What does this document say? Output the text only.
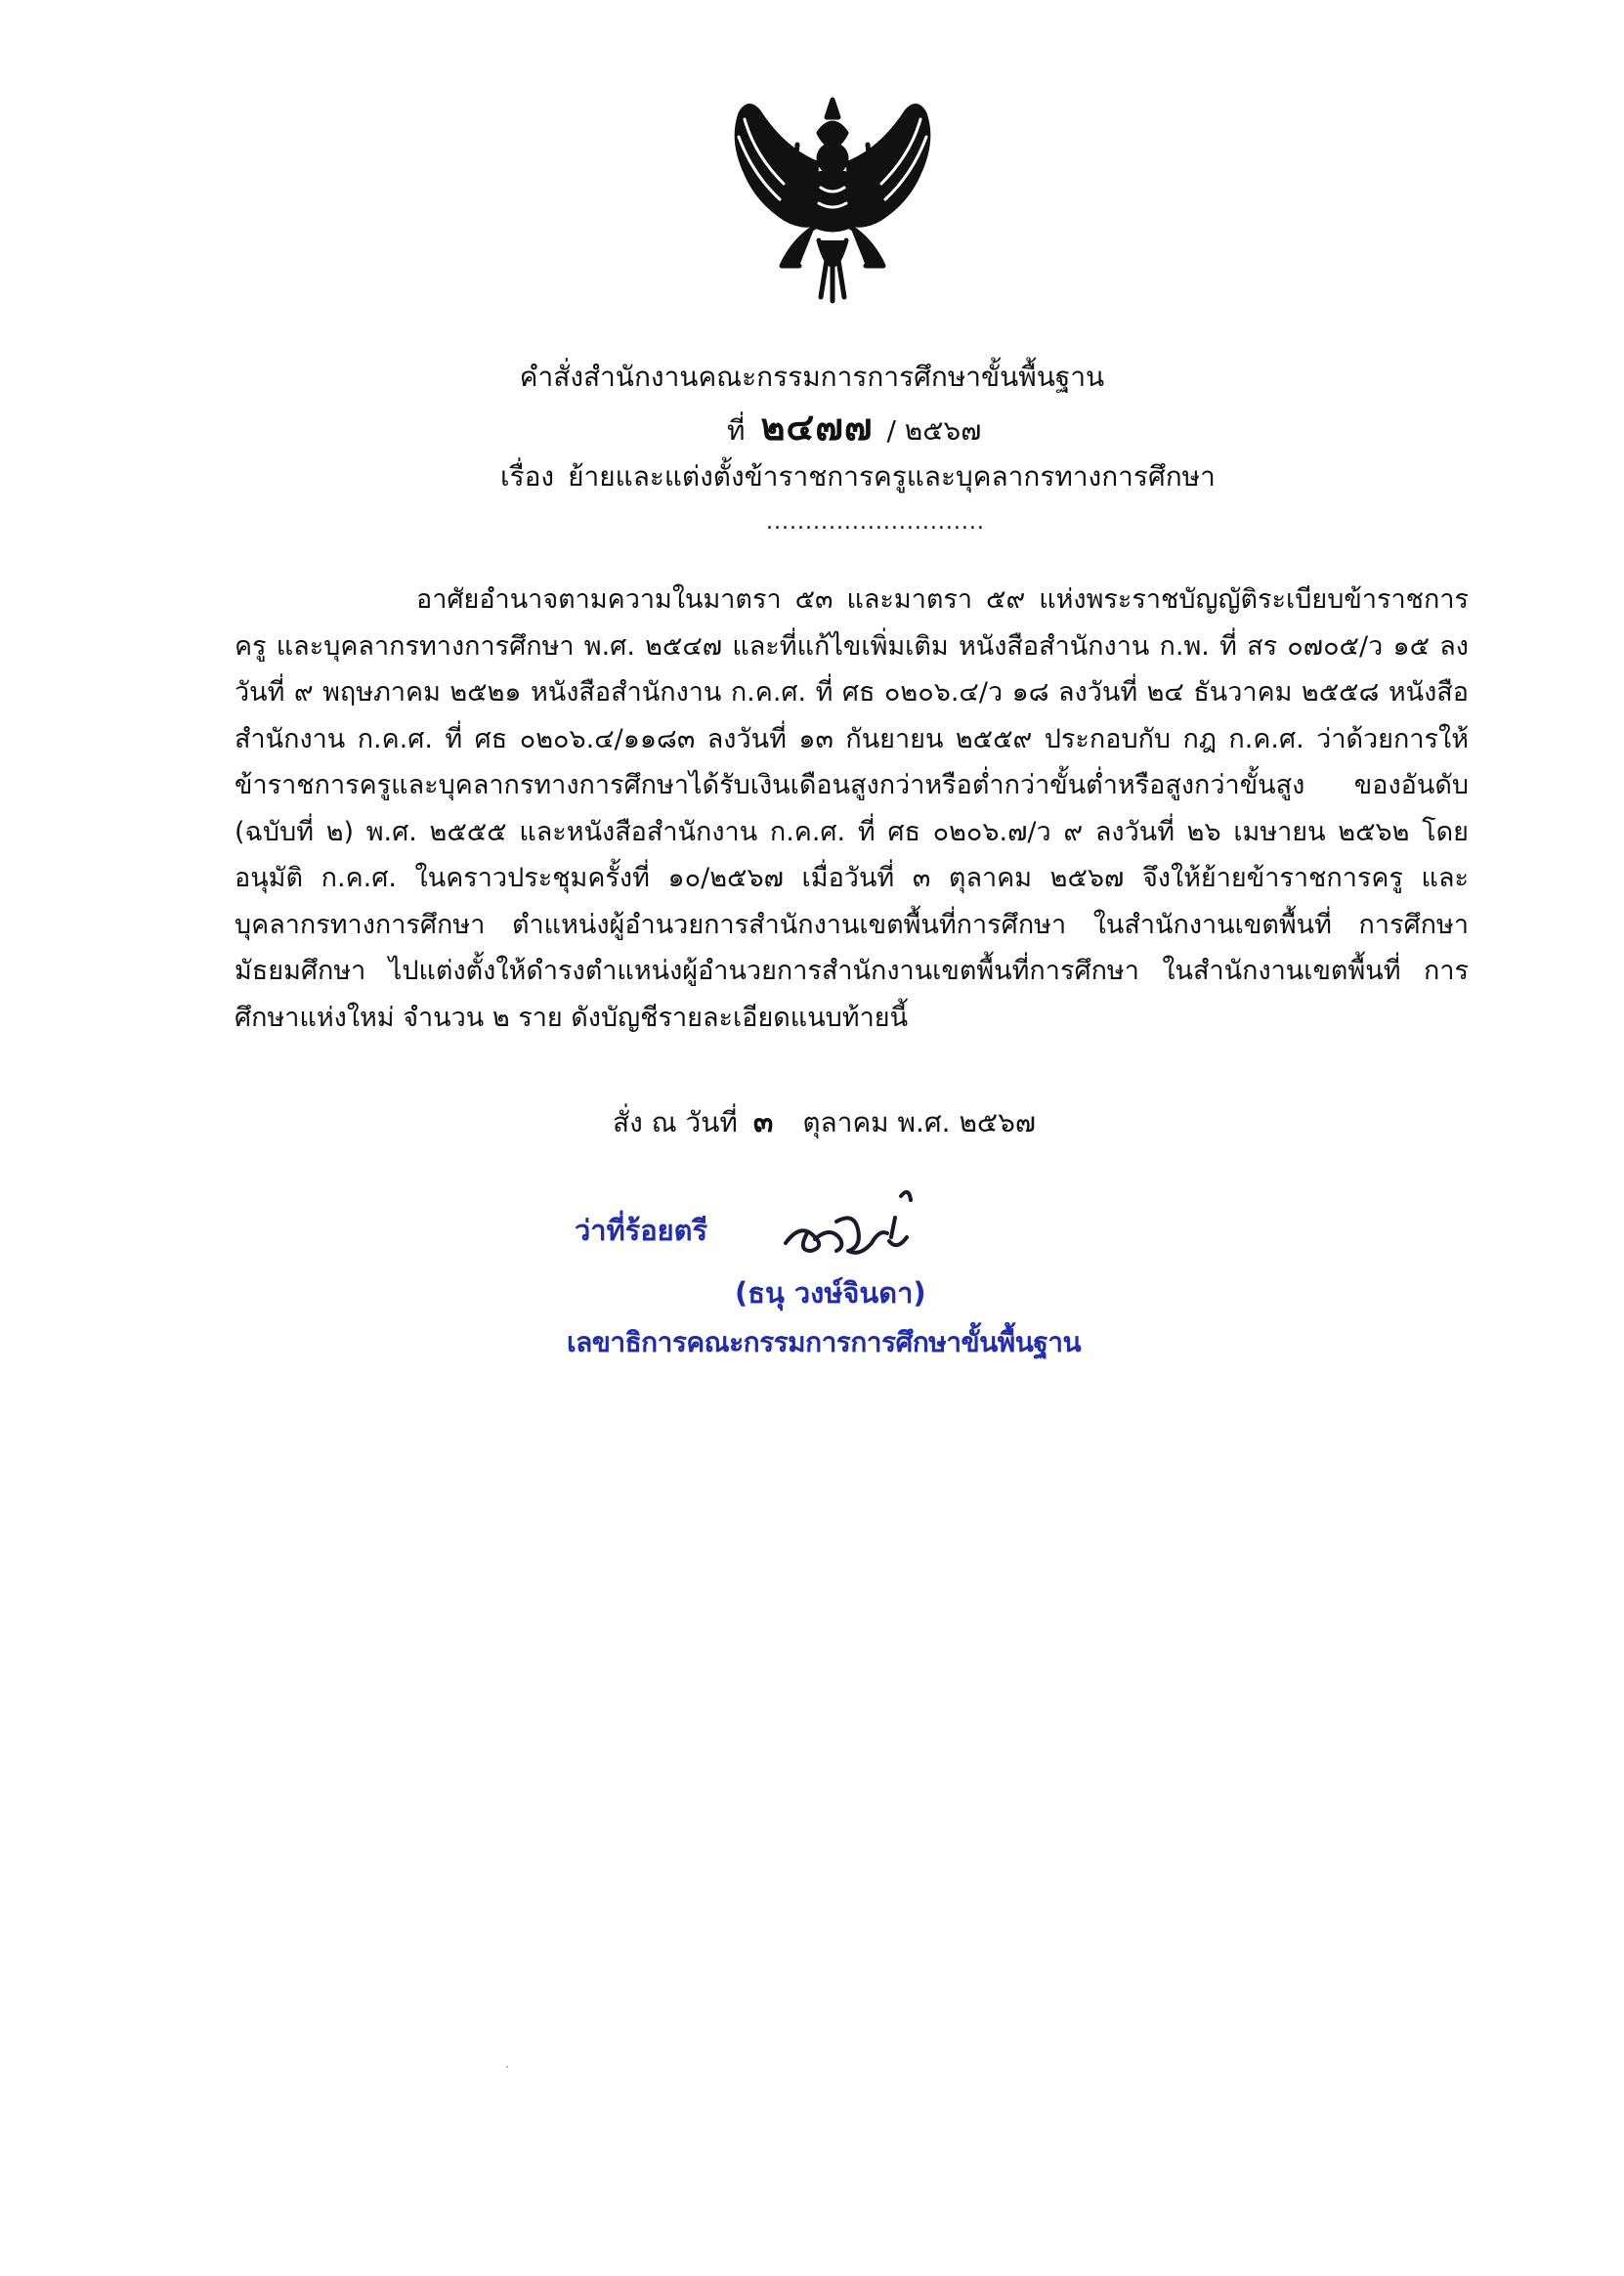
คำสั่งสำนักงานคณะกรรมการการศึกษาขั้นพื้นฐาน
ที่ ๒๔๗๗ / ๒๕๖๗
เรื่อง ย้ายและแต่งตั้งข้าราชการครูและบุคลากรทางการศึกษา
............................
อาศัยอำนาจตามความในมาตรา ๕๓ และมาตรา ๕๙ แห่งพระราชบัญญัติระเบียบข้าราชการครู และบุคลากรทางการศึกษา พ.ศ. ๒๕๔๗ และที่แก้ไขเพิ่มเติม หนังสือสำนักงาน ก.พ. ที่ สร ๐๗๐๕/ว ๑๕ ลงวันที่ ๙ พฤษภาคม ๒๕๒๑ หนังสือสำนักงาน ก.ค.ศ. ที่ ศธ ๐๒๐๖.๔/ว ๑๘ ลงวันที่ ๒๔ ธันวาคม ๒๕๕๘ หนังสือสำนักงาน ก.ค.ศ. ที่ ศธ ๐๒๐๖.๔/๑๑๘๓ ลงวันที่ ๑๓ กันยายน ๒๕๕๙ ประกอบกับ กฎ ก.ค.ศ. ว่าด้วยการให้ข้าราชการครูและบุคลากรทางการศึกษาได้รับเงินเดือนสูงกว่าหรือต่ำกว่าขั้นต่ำหรือสูงกว่าขั้นสูง ของอันดับ (ฉบับที่ ๒) พ.ศ. ๒๕๕๕ และหนังสือสำนักงาน ก.ค.ศ. ที่ ศธ ๐๒๐๖.๗/ว ๙ ลงวันที่ ๒๖ เมษายน ๒๕๖๒ โดยอนุมัติ ก.ค.ศ. ในคราวประชุมครั้งที่ ๑๐/๒๕๖๗ เมื่อวันที่ ๓ ตุลาคม ๒๕๖๗ จึงให้ย้ายข้าราชการครู และบุคลากรทางการศึกษา ตำแหน่งผู้อำนวยการสำนักงานเขตพื้นที่การศึกษา ในสำนักงานเขตพื้นที่ การศึกษามัธยมศึกษา ไปแต่งตั้งให้ดำรงตำแหน่งผู้อำนวยการสำนักงานเขตพื้นที่การศึกษา ในสำนักงานเขตพื้นที่ การศึกษาแห่งใหม่ จำนวน ๒ ราย ดังบัญชีรายละเอียดแนบท้ายนี้
สั่ง ณ วันที่ ๓ ตุลาคม พ.ศ. ๒๕๖๗
ว่าที่ร้อยตรี
(ธนุ วงษ์จินดา)
เลขาธิการคณะกรรมการการศึกษาขั้นพื้นฐาน
